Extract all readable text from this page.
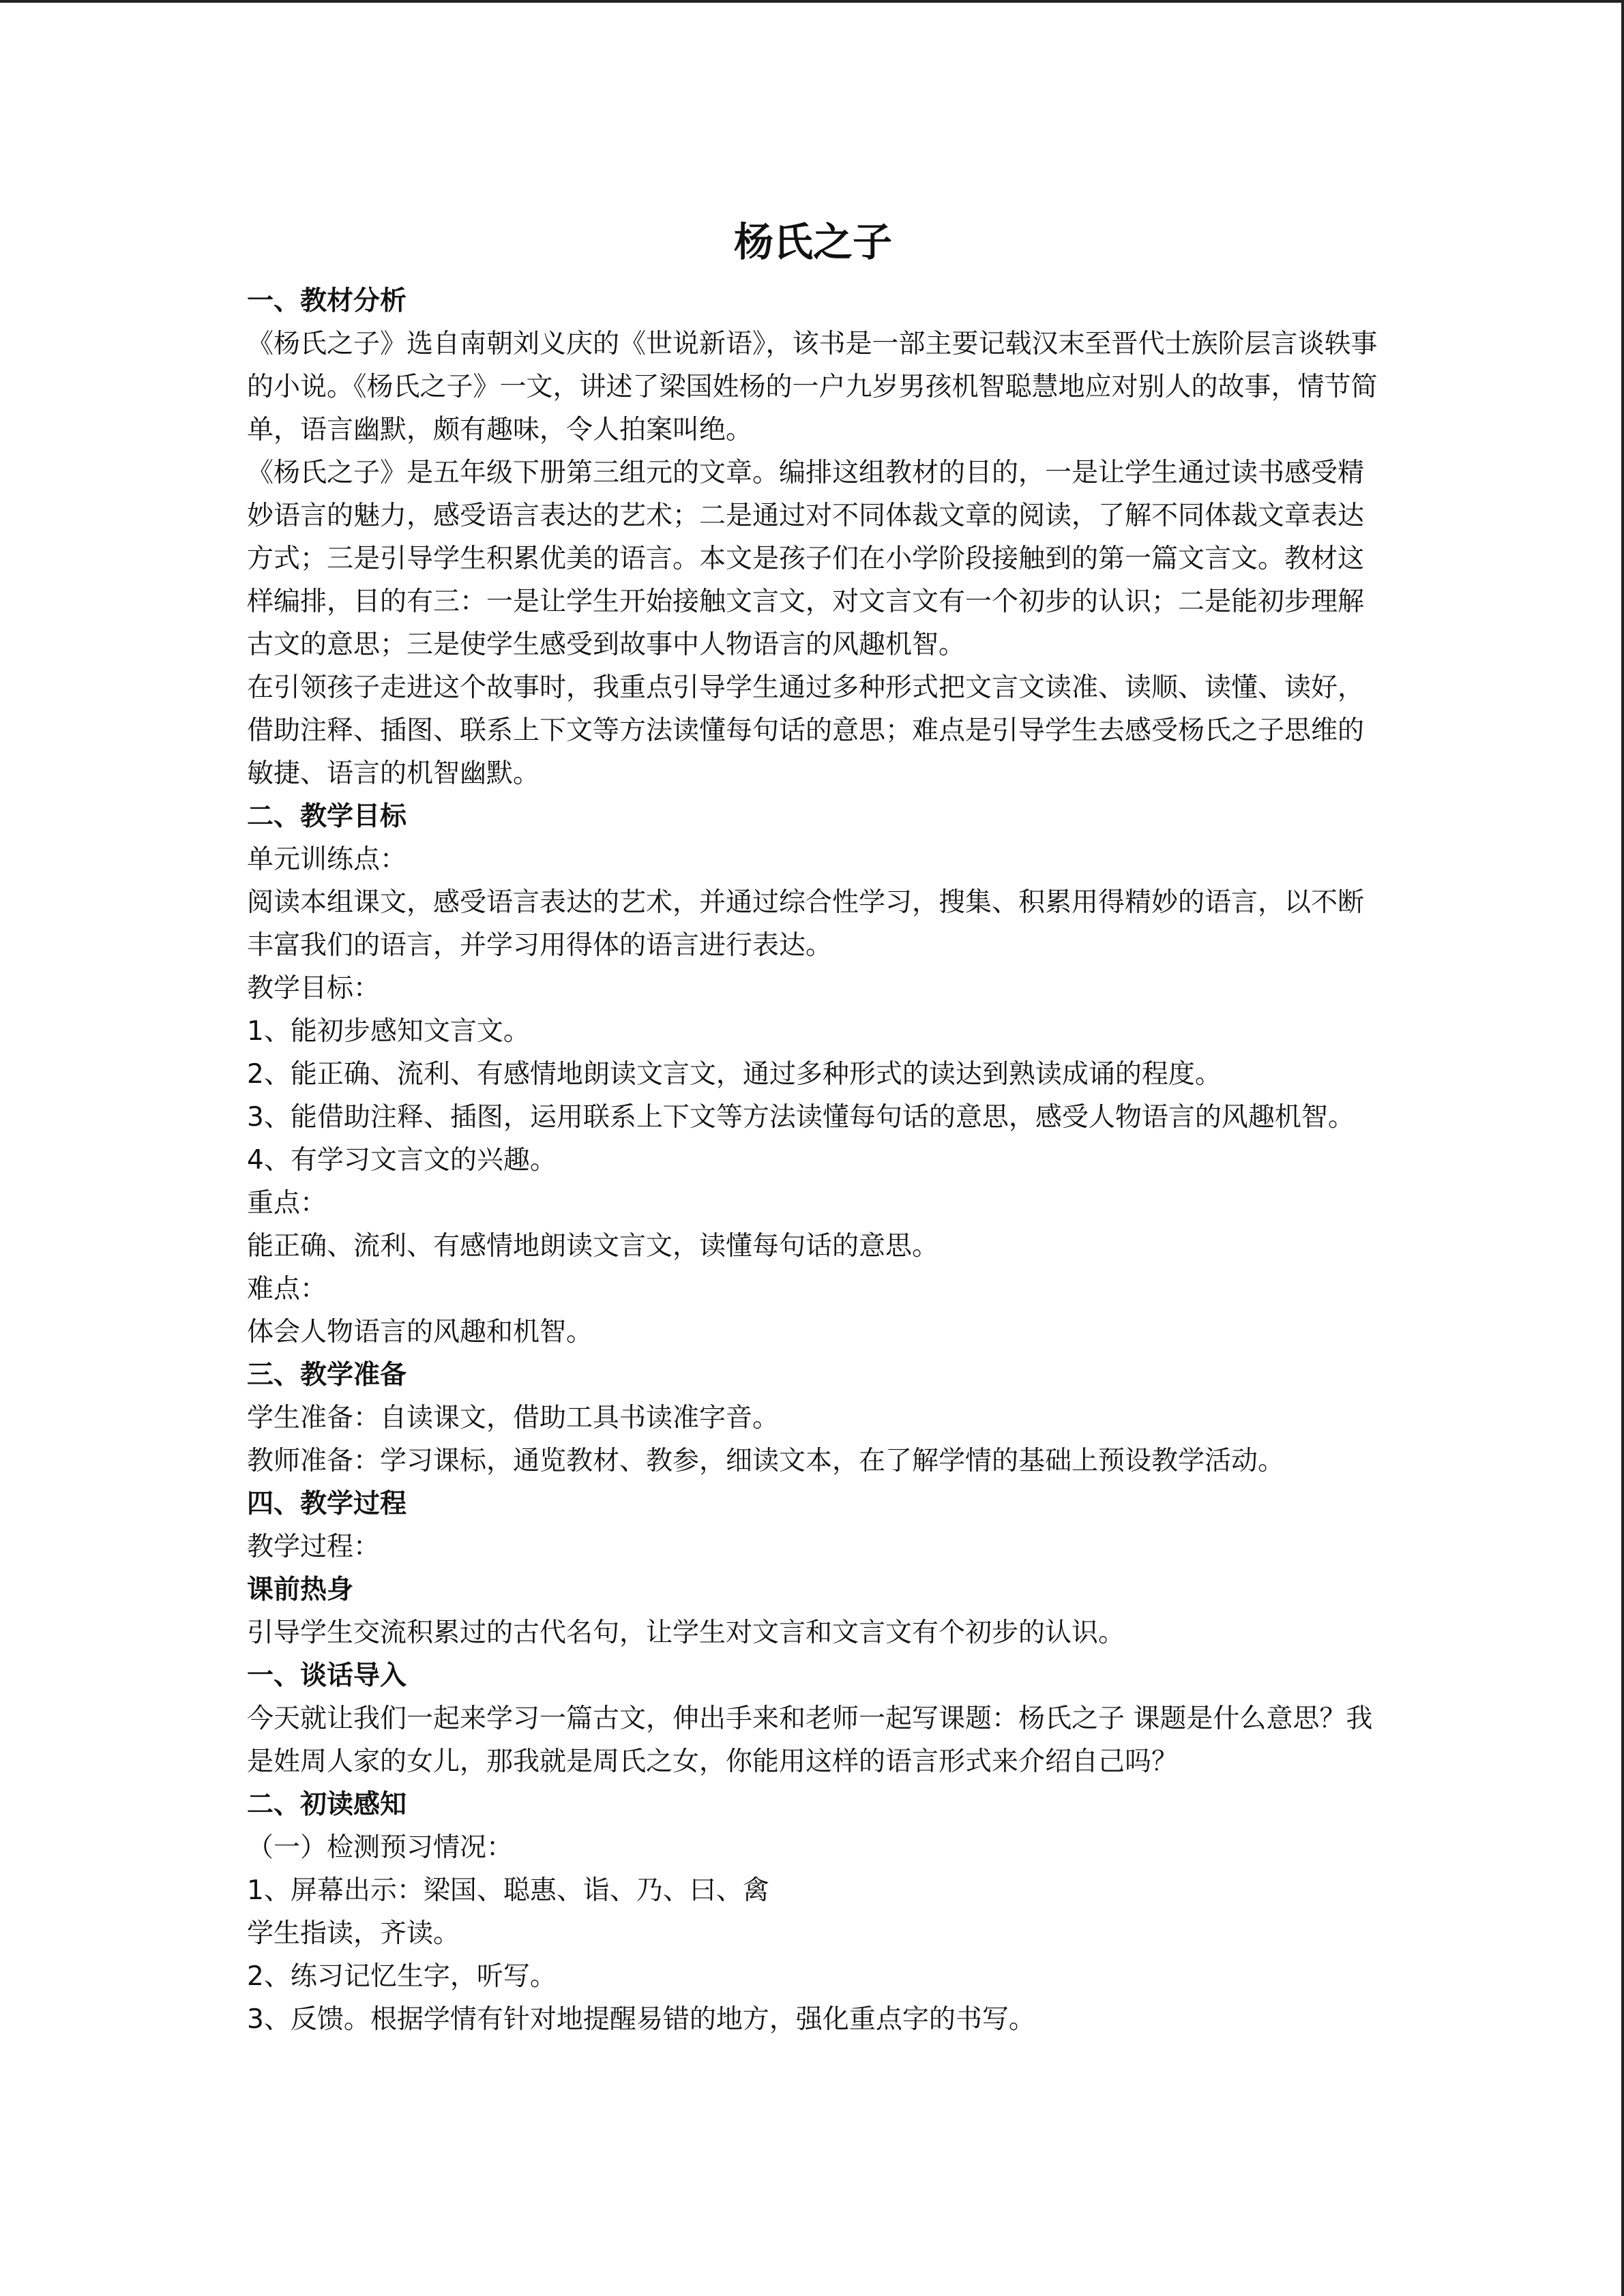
杨氏之子

一、教材分析

《杨氏之子》选自南朝刘义庆的《世说新语》，该书是一部主要记载汉末至晋代士族阶层言谈轶事的小说。《杨氏之子》一文，讲述了梁国姓杨的一户九岁男孩机智聪慧地应对别人的故事，情节简单，语言幽默，颇有趣味，令人拍案叫绝。

《杨氏之子》是五年级下册第三组元的文章。编排这组教材的目的，一是让学生通过读书感受精妙语言的魅力，感受语言表达的艺术；二是通过对不同体裁文章的阅读，了解不同体裁文章表达方式；三是引导学生积累优美的语言。本文是孩子们在小学阶段接触到的第一篇文言文。教材这样编排，目的有三：一是让学生开始接触文言文，对文言文有一个初步的认识；二是能初步理解古文的意思；三是使学生感受到故事中人物语言的风趣机智。

在引领孩子走进这个故事时，我重点引导学生通过多种形式把文言文读准、读顺、读懂、读好，借助注释、插图、联系上下文等方法读懂每句话的意思；难点是引导学生去感受杨氏之子思维的敏捷、语言的机智幽默。

二、教学目标

单元训练点：

阅读本组课文，感受语言表达的艺术，并通过综合性学习，搜集、积累用得精妙的语言，以不断丰富我们的语言，并学习用得体的语言进行表达。

教学目标：

1、能初步感知文言文。

2、能正确、流利、有感情地朗读文言文，通过多种形式的读达到熟读成诵的程度。

3、能借助注释、插图，运用联系上下文等方法读懂每句话的意思，感受人物语言的风趣机智。

4、有学习文言文的兴趣。

重点：

能正确、流利、有感情地朗读文言文，读懂每句话的意思。

难点：

体会人物语言的风趣和机智。

三、教学准备

学生准备：自读课文，借助工具书读准字音。

教师准备：学习课标，通览教材、教参，细读文本，在了解学情的基础上预设教学活动。

四、教学过程

教学过程：

课前热身

引导学生交流积累过的古代名句，让学生对文言和文言文有个初步的认识。

一、谈话导入

今天就让我们一起来学习一篇古文，伸出手来和老师一起写课题：杨氏之子 课题是什么意思？我是姓周人家的女儿，那我就是周氏之女，你能用这样的语言形式来介绍自己吗？

二、初读感知

（一）检测预习情况：

1、屏幕出示：梁国、聪惠、诣、乃、曰、禽

学生指读，齐读。

2、练习记忆生字，听写。

3、反馈。根据学情有针对地提醒易错的地方，强化重点字的书写。
